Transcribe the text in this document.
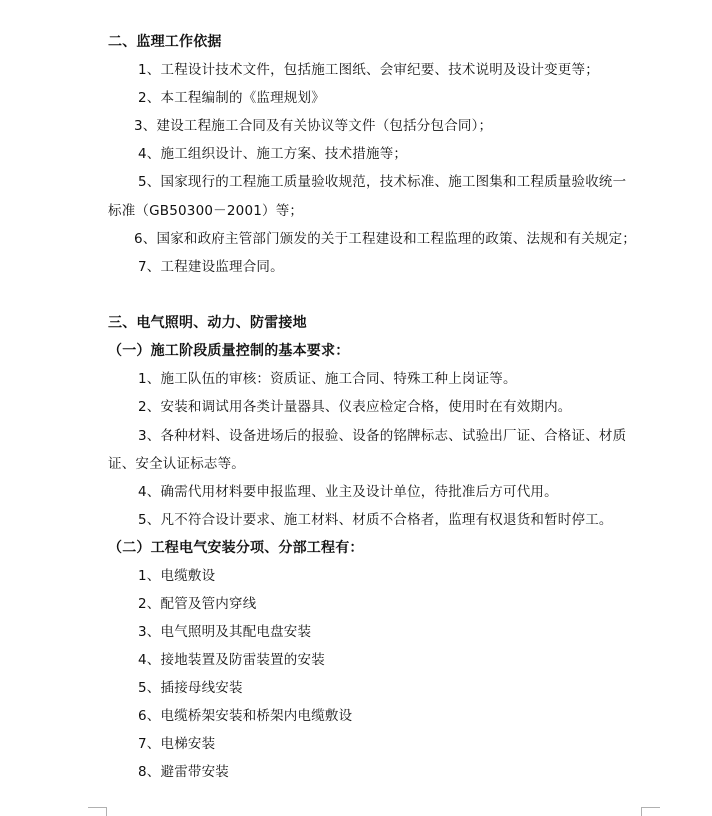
二、监理工作依据
1、工程设计技术文件，包括施工图纸、会审纪要、技术说明及设计变更等；
2、本工程编制的《监理规划》
3、建设工程施工合同及有关协议等文件（包括分包合同）；
4、施工组织设计、施工方案、技术措施等；
5、国家现行的工程施工质量验收规范，技术标准、施工图集和工程质量验收统一
标准（GB50300－2001）等；
6、国家和政府主管部门颁发的关于工程建设和工程监理的政策、法规和有关规定；
7、工程建设监理合同。
三、电气照明、动力、防雷接地
（一）施工阶段质量控制的基本要求：
1、施工队伍的审核：资质证、施工合同、特殊工种上岗证等。
2、安装和调试用各类计量器具、仪表应检定合格，使用时在有效期内。
3、各种材料、设备进场后的报验、设备的铭牌标志、试验出厂证、合格证、材质
证、安全认证标志等。
4、确需代用材料要申报监理、业主及设计单位，待批准后方可代用。
5、凡不符合设计要求、施工材料、材质不合格者，监理有权退货和暂时停工。
（二）工程电气安装分项、分部工程有：
1、电缆敷设
2、配管及管内穿线
3、电气照明及其配电盘安装
4、接地装置及防雷装置的安装
5、插接母线安装
6、电缆桥架安装和桥架内电缆敷设
7、电梯安装
8、避雷带安装
